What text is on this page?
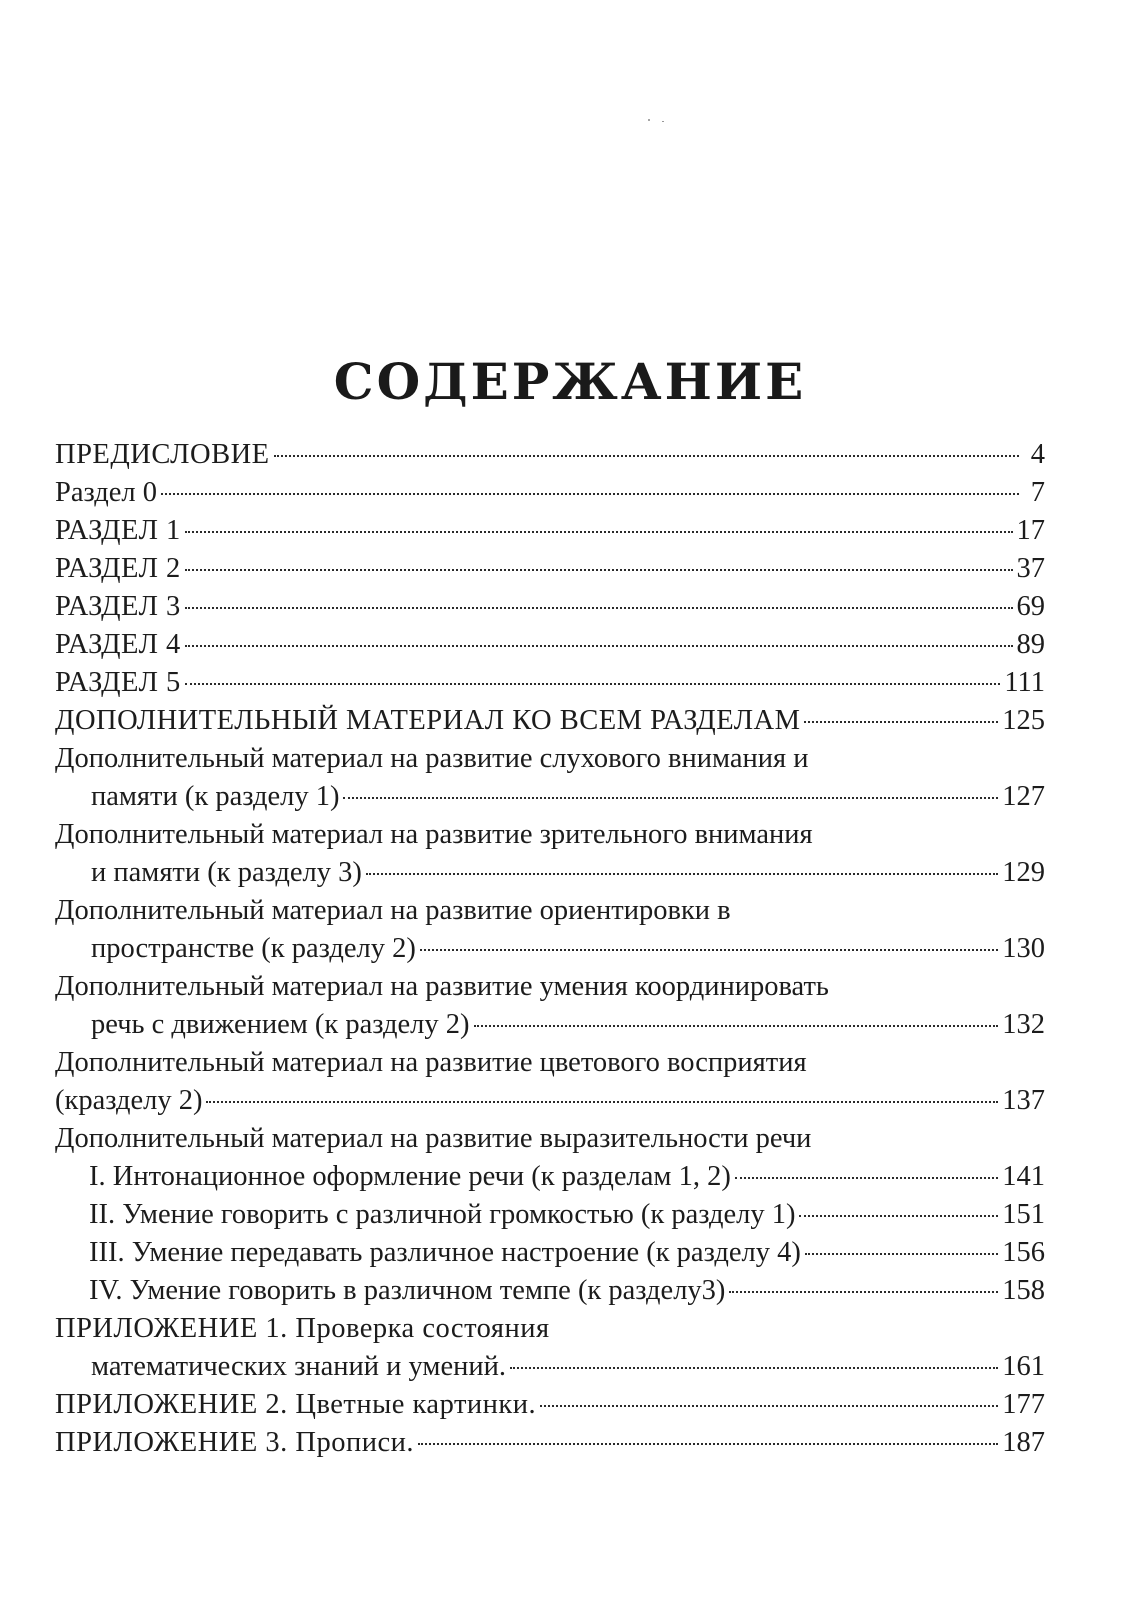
СОДЕРЖАНИЕ
ПРЕДИСЛОВИЕ	4
Раздел 0	7
РАЗДЕЛ 1	17
РАЗДЕЛ 2	37
РАЗДЕЛ 3	69
РАЗДЕЛ 4	89
РАЗДЕЛ 5	111
ДОПОЛНИТЕЛЬНЫЙ МАТЕРИАЛ КО ВСЕМ РАЗДЕЛАМ	125
Дополнительный материал на развитие слухового внимания и
памяти (к разделу 1)	127
Дополнительный материал на развитие зрительного внимания
и памяти (к разделу 3)	129
Дополнительный материал на развитие ориентировки в
пространстве (к разделу 2)	130
Дополнительный материал на развитие умения координировать
речь с движением (к разделу 2)	132
Дополнительный материал на развитие цветового восприятия
(кразделу 2)	137
Дополнительный материал на развитие выразительности речи
I. Интонационное оформление речи (к разделам 1, 2)	141
II. Умение говорить с различной громкостью (к разделу 1)	151
III. Умение передавать различное настроение (к разделу 4)	156
IV. Умение говорить в различном темпе (к разделу3)	158
ПРИЛОЖЕНИЕ 1. Проверка состояния
математических знаний и умений.	161
ПРИЛОЖЕНИЕ 2. Цветные картинки.	177
ПРИЛОЖЕНИЕ 3. Прописи.	187
